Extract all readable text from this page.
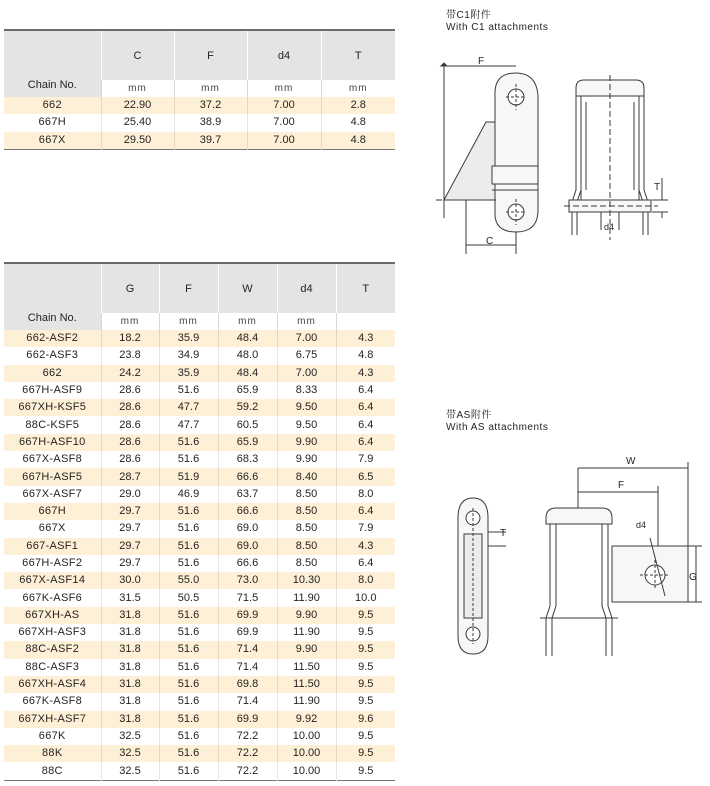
Chain No.	C	F	d4	T
	mm	mm	mm	mm
662	22.90	37.2	7.00	2.8
667H	25.40	38.9	7.00	4.8
667X	29.50	39.7	7.00	4.8
Chain No.	G	F	W	d4	T
	mm	mm	mm	mm	
662-ASF2	18.2	35.9	48.4	7.00	4.3
662-ASF3	23.8	34.9	48.0	6.75	4.8
662	24.2	35.9	48.4	7.00	4.3
667H-ASF9	28.6	51.6	65.9	8.33	6.4
667XH-KSF5	28.6	47.7	59.2	9.50	6.4
88C-KSF5	28.6	47.7	60.5	9.50	6.4
667H-ASF10	28.6	51.6	65.9	9.90	6.4
667X-ASF8	28.6	51.6	68.3	9.90	7.9
667H-ASF5	28.7	51.9	66.6	8.40	6.5
667X-ASF7	29.0	46.9	63.7	8.50	8.0
667H	29.7	51.6	66.6	8.50	6.4
667X	29.7	51.6	69.0	8.50	7.9
667-ASF1	29.7	51.6	69.0	8.50	4.3
667H-ASF2	29.7	51.6	66.6	8.50	6.4
667X-ASF14	30.0	55.0	73.0	10.30	8.0
667K-ASF6	31.5	50.5	71.5	11.90	10.0
667XH-AS	31.8	51.6	69.9	9.90	9.5
667XH-ASF3	31.8	51.6	69.9	11.90	9.5
88C-ASF2	31.8	51.6	71.4	9.90	9.5
88C-ASF3	31.8	51.6	71.4	11.50	9.5
667XH-ASF4	31.8	51.6	69.8	11.50	9.5
667K-ASF8	31.8	51.6	71.4	11.90	9.5
667XH-ASF7	31.8	51.6	69.9	9.92	9.6
667K	32.5	51.6	72.2	10.00	9.5
88K	32.5	51.6	72.2	10.00	9.5
88C	32.5	51.6	72.2	10.00	9.5
带C1附件
With C1 attachments
F
C
d4
T
带AS附件
With AS attachments
T
W
F
d4
G
